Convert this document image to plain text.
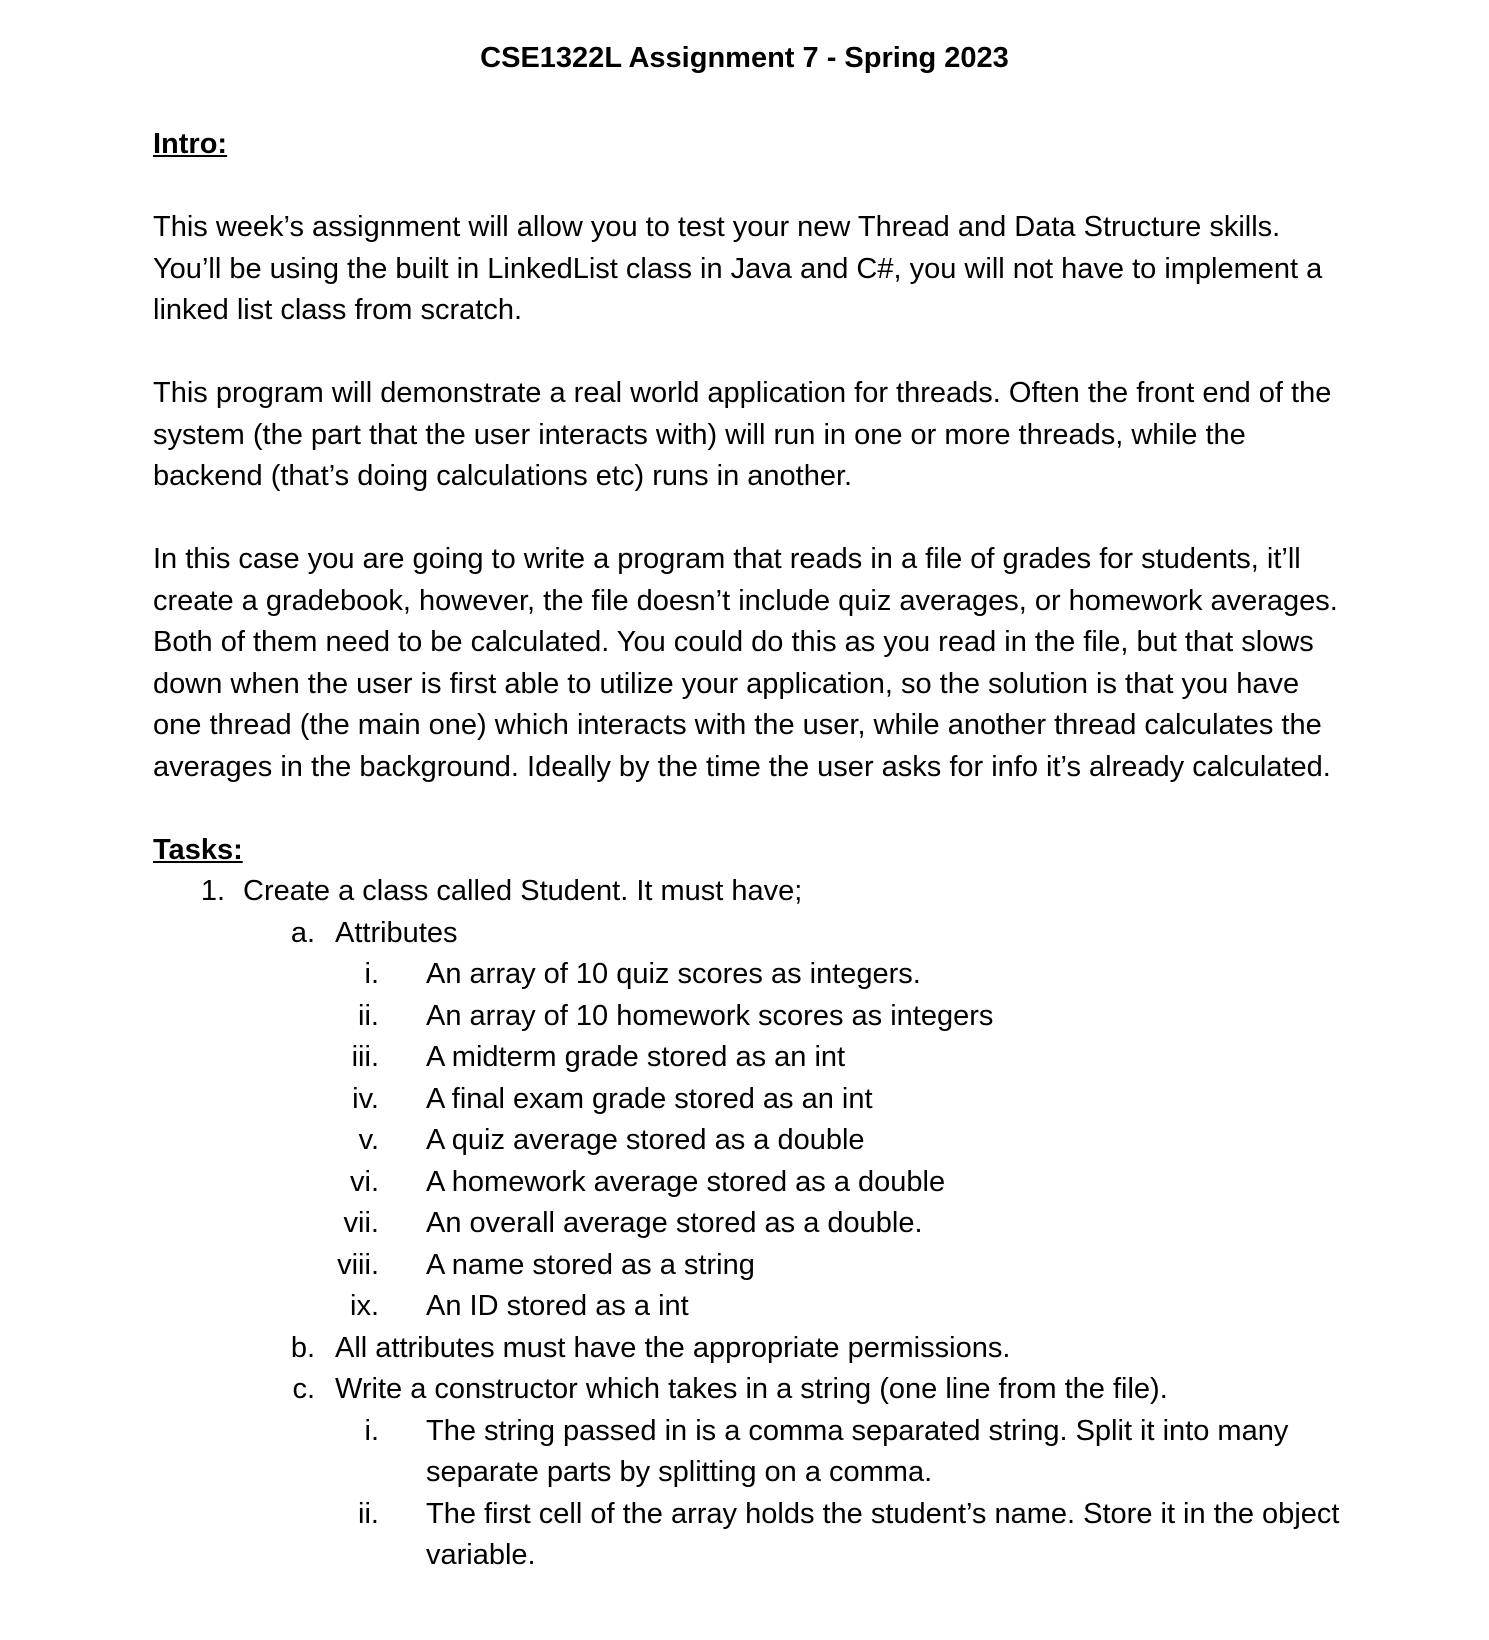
CSE1322L Assignment 7 - Spring 2023

Intro:

This week’s assignment will allow you to test your new Thread and Data Structure skills. You’ll be using the built in LinkedList class in Java and C#, you will not have to implement a linked list class from scratch.

This program will demonstrate a real world application for threads. Often the front end of the system (the part that the user interacts with) will run in one or more threads, while the backend (that’s doing calculations etc) runs in another.

In this case you are going to write a program that reads in a file of grades for students, it’ll create a gradebook, however, the file doesn’t include quiz averages, or homework averages. Both of them need to be calculated. You could do this as you read in the file, but that slows down when the user is first able to utilize your application, so the solution is that you have one thread (the main one) which interacts with the user, while another thread calculates the averages in the background. Ideally by the time the user asks for info it’s already calculated.

Tasks:

1. Create a class called Student. It must have;
a. Attributes
i. An array of 10 quiz scores as integers.
ii. An array of 10 homework scores as integers
iii. A midterm grade stored as an int
iv. A final exam grade stored as an int
v. A quiz average stored as a double
vi. A homework average stored as a double
vii. An overall average stored as a double.
viii. A name stored as a string
ix. An ID stored as a int
b. All attributes must have the appropriate permissions.
c. Write a constructor which takes in a string (one line from the file).
i. The string passed in is a comma separated string. Split it into many separate parts by splitting on a comma.
ii. The first cell of the array holds the student’s name. Store it in the object variable.
